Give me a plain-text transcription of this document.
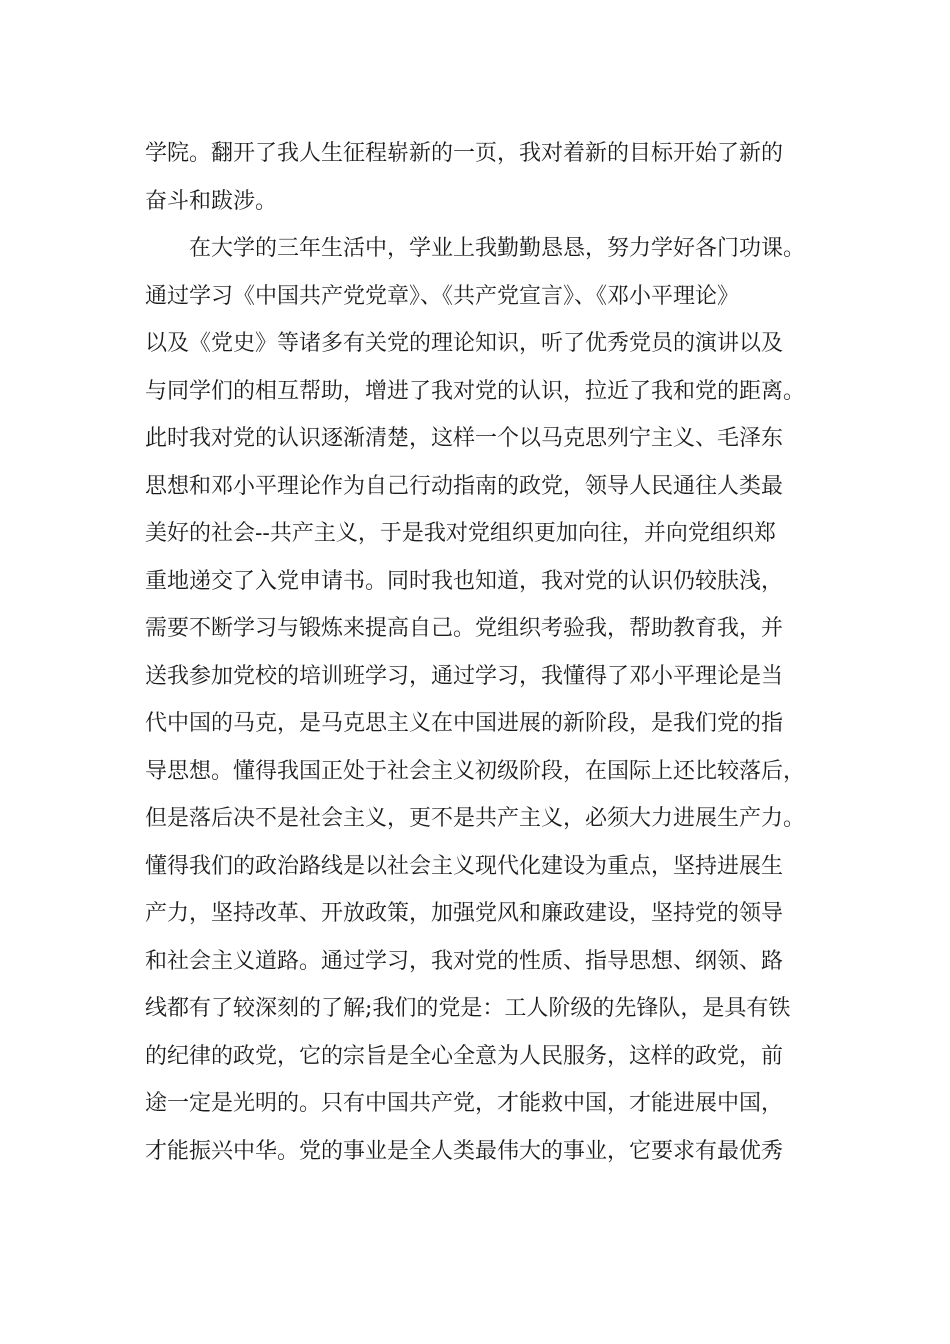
学院。翻开了我人生征程崭新的一页，我对着新的目标开始了新的
奋斗和跋涉。
　　在大学的三年生活中，学业上我勤勤恳恳，努力学好各门功课。
通过学习《中国共产党党章》、《共产党宣言》、《邓小平理论》
以及《党史》等诸多有关党的理论知识，听了优秀党员的演讲以及
与同学们的相互帮助，增进了我对党的认识，拉近了我和党的距离。
此时我对党的认识逐渐清楚，这样一个以马克思列宁主义、毛泽东
思想和邓小平理论作为自己行动指南的政党，领导人民通往人类最
美好的社会--共产主义，于是我对党组织更加向往，并向党组织郑
重地递交了入党申请书。同时我也知道，我对党的认识仍较肤浅，
需要不断学习与锻炼来提高自己。党组织考验我，帮助教育我，并
送我参加党校的培训班学习，通过学习，我懂得了邓小平理论是当
代中国的马克，是马克思主义在中国进展的新阶段，是我们党的指
导思想。懂得我国正处于社会主义初级阶段，在国际上还比较落后，
但是落后决不是社会主义，更不是共产主义，必须大力进展生产力。
懂得我们的政治路线是以社会主义现代化建设为重点，坚持进展生
产力，坚持改革、开放政策，加强党风和廉政建设，坚持党的领导
和社会主义道路。通过学习，我对党的性质、指导思想、纲领、路
线都有了较深刻的了解;我们的党是：工人阶级的先锋队，是具有铁
的纪律的政党，它的宗旨是全心全意为人民服务，这样的政党，前
途一定是光明的。只有中国共产党，才能救中国，才能进展中国，
才能振兴中华。党的事业是全人类最伟大的事业，它要求有最优秀
